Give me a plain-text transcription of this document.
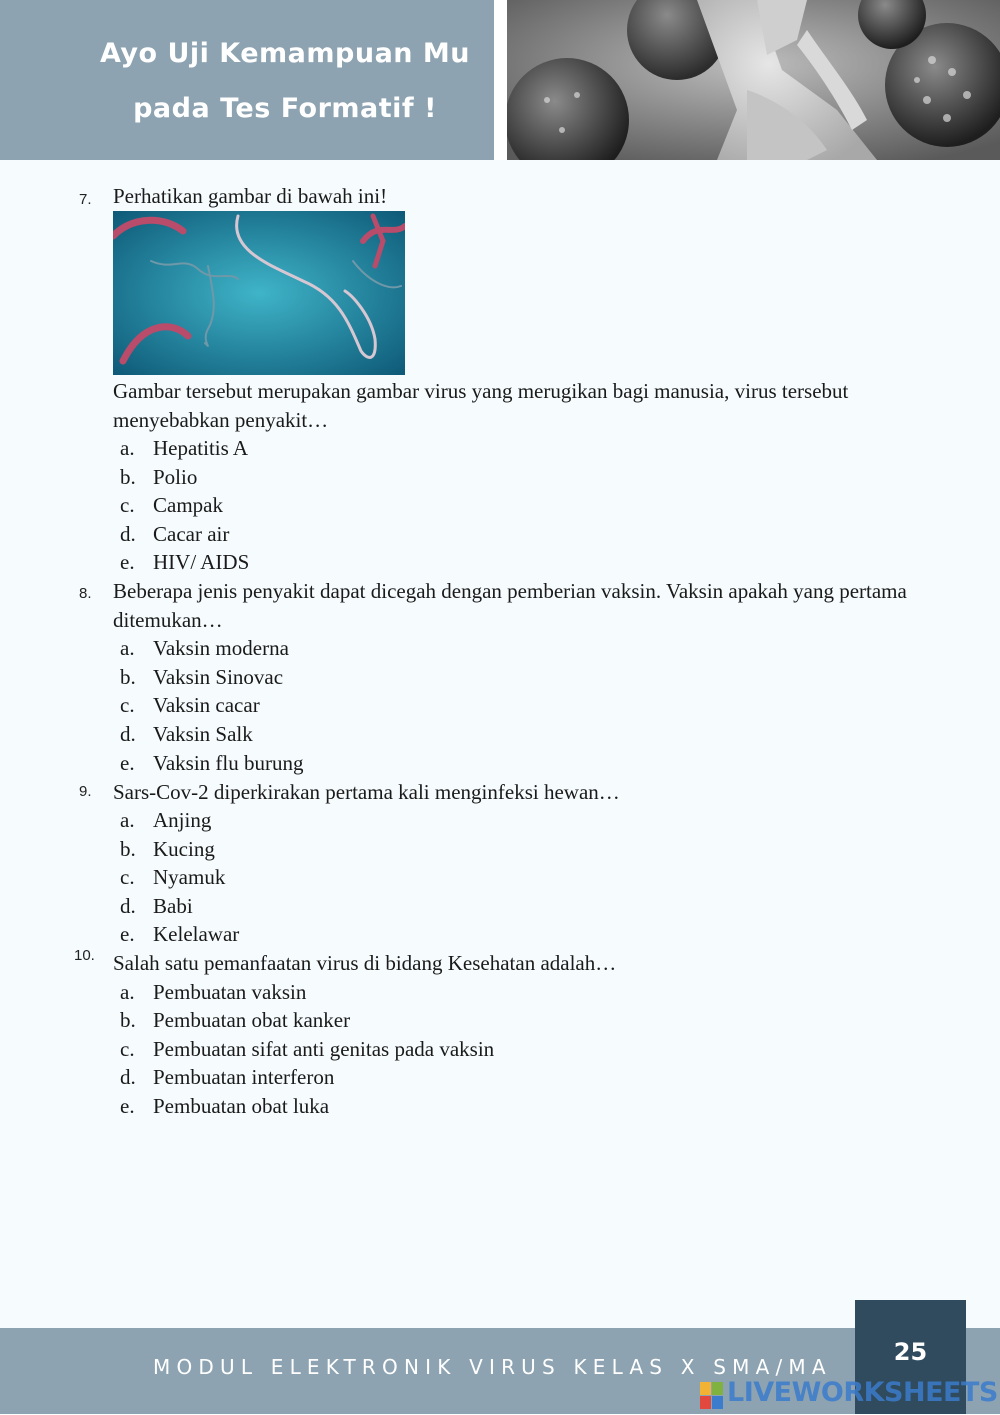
Ayo Uji Kemampuan Mu
pada Tes Formatif !
7. Perhatikan gambar di bawah ini!
Gambar tersebut merupakan gambar virus yang merugikan bagi manusia, virus tersebut menyebabkan penyakit…
a. Hepatitis A
b. Polio
c. Campak
d. Cacar air
e. HIV/ AIDS
8. Beberapa jenis penyakit dapat dicegah dengan pemberian vaksin. Vaksin apakah yang pertama ditemukan…
a. Vaksin moderna
b. Vaksin Sinovac
c. Vaksin cacar
d. Vaksin Salk
e. Vaksin flu burung
9. Sars-Cov-2 diperkirakan pertama kali menginfeksi hewan…
a. Anjing
b. Kucing
c. Nyamuk
d. Babi
e. Kelelawar
10. Salah satu pemanfaatan virus di bidang Kesehatan adalah…
a. Pembuatan vaksin
b. Pembuatan obat kanker
c. Pembuatan sifat anti genitas pada vaksin
d. Pembuatan interferon
e. Pembuatan obat luka
MODUL ELEKTRONIK VIRUS KELAS X SMA/MA
25
LIVEWORKSHEETS
